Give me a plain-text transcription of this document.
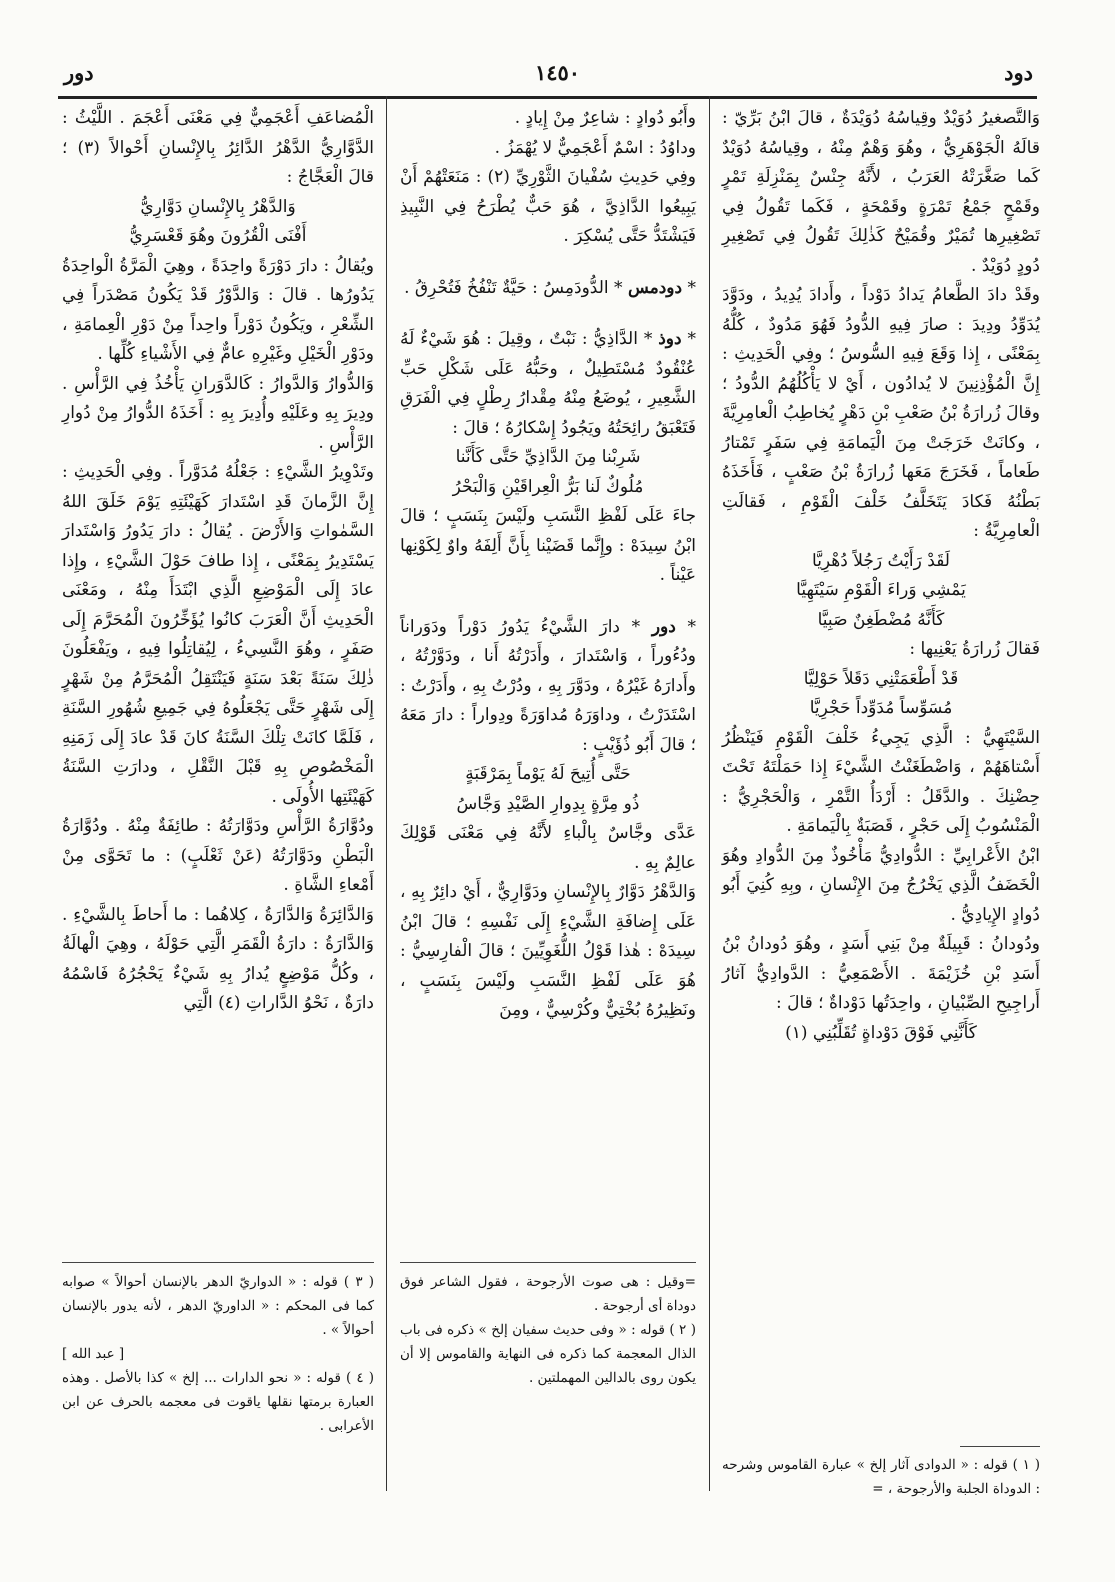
دود
١٤٥٠
دور

وَالتَّصغيرُ دُوَيْدٌ وقِياسُهُ دُوَيْدَةٌ ، قالَ ابْنُ بَرِّيّ : قالَهُ الْجَوْهَرِيُّ ، وهُوَ وَهْمٌ مِنْهُ ، وقِياسُهُ دُوَيْدٌ كَما صَغَّرَتْهُ العَرَبُ ، لأَنَّهُ جِنْسٌ بِمَنْزِلَةِ تَمْرٍ وقَمْحٍ جَمْعُ تَمْرَةٍ وقَمْحَةٍ ، فَكَما تَقُولُ فِي تَصْغِيرِها تُمَيْرٌ وقُمَيْحٌ كَذٰلِكَ تَقُولُ فِي تَصْغِيرِ دُودٍ دُوَيْدٌ .

وقَدْ دادَ الطَّعامُ يَدادُ دَوْداً ، وأَدادَ يُدِيدُ ، ودَوَّدَ يُدَوِّدُ ودِيدَ : صارَ فِيهِ الدُّودُ فَهُوَ مَدُودٌ ، كُلُّهُ بِمَعْنًى ، إِذا وَقَعَ فِيهِ السُّوسُ ؛ وفِي الْحَدِيثِ : إِنَّ الْمُؤْذِنِينَ لا يُدادُون ، أَيْ لا يَأْكُلُهُمُ الدُّودُ ؛ وقالَ زُرارَةُ بْنُ صَعْبِ بْنِ دَهْرٍ يُخاطِبُ الْعامِرِيَّةَ ، وكانَتْ خَرَجَتْ مِنَ الْيَمامَةِ فِي سَفَرٍ تَمْتارُ طَعاماً ، فَخَرَجَ مَعَها زُرارَةُ بْنُ صَعْبٍ ، فَأَخَذَهُ بَطْنُهُ فَكادَ يَتَخَلَّفُ خَلْفَ الْقَوْمِ ، فَقالَتِ الْعامِرِيَّةُ :

لَقَدْ رَأَيْتُ رَجُلاً دُهْرِيَّا

يَمْشِي وَراءَ الْقَوْمِ سَيْتَهِيَّا

كَأَنَّهُ مُضْطَغِنٌ صَبِيَّا

فَقالَ زُرارَةُ يَعْنِيها :

قَدْ أَطْعَمَتْنِي دَقَلاً حَوْلِيَّا

مُسَوِّساً مُدَوِّداً حَجْرِيَّا

السَّيْتَهِيُّ : الَّذِي يَجِيءُ خَلْفَ الْقَوْمِ فَيَنْظُرُ أَسْتاهَهُمْ ، وَاضْطَغَنْتُ الشَّيْءَ إِذا حَمَلْتَهُ تَحْتَ حِضْنِكَ . والدَّقَلُ : أَرْدَأُ التَّمْرِ ، وَالْحَجْرِيُّ : الْمَنْسُوبُ إِلَى حَجْرٍ ، قَصَبَةٌ بِالْيَمامَةِ .

ابْنُ الأَعْرابِيِّ : الدُّوادِيُّ مَأْخُوذٌ مِنَ الدُّوادِ وهُوَ الْخَضَفُ الَّذِي يَخْرُجُ مِنَ الإِنْسانِ ، وبِهِ كُنِيَ أَبُو دُوادٍ الإِيادِيُّ .

ودُودانُ : قَبِيلَةٌ مِنْ بَنِي أَسَدٍ ، وهُوَ دُودانُ بْنُ أَسَدِ بْنِ خُزَيْمَةَ . الأَصْمَعِيُّ : الدَّوادِيُّ آثارُ أَراجِيحِ الصِّبْيانِ ، واحِدَتُها دَوْداةٌ ؛ قالَ :

كَأَنَّنِي فَوْقَ دَوْداةٍ تُقَلِّبُنِي (١)

وأَبُو دُوادٍ : شاعِرٌ مِنْ إِيادٍ .

وداوُدُ : اسْمٌ أَعْجَمِيٌّ لا يُهْمَزُ .

وفِي حَدِيثِ سُفْيانَ الثَّوْرِيِّ (٢) : مَنَعَتْهُمْ أَنْ يَبِيعُوا الدَّاذِيَّ ، هُوَ حَبٌّ يُطْرَحُ فِي النَّبِيذِ فَيَشْتَدُّ حَتَّى يُسْكِرَ .

* دودمس * الدُّودَمِسُ : حَيَّةٌ تَنْفُخُ فَتُحْرِقُ .

* دوذ * الدَّاذِيُّ : نَبْتٌ ، وقِيلَ : هُوَ شَيْءٌ لَهُ عُنْقُودٌ مُسْتَطِيلٌ ، وحَبُّهُ عَلَى شَكْلِ حَبِّ الشَّعِيرِ ، يُوضَعُ مِنْهُ مِقْدارُ رِطْلٍ فِي الْفَرَقِ فَتَعْبَقُ رائِحَتُهُ ويَجُودُ إِسْكارُهُ ؛ قالَ :

شَرِبْنا مِنَ الدَّاذِيِّ حَتَّى كَأَنَّنا

مُلُوكٌ لَنا بَرُّ الْعِراقَيْنِ وَالْبَحْرُ

جاءَ عَلَى لَفْظِ النَّسَبِ ولَيْسَ بِنَسَبٍ ؛ قالَ ابْنُ سِيدَهْ : وإِنَّما قَضَيْنا بِأَنَّ أَلِفَهُ واوٌ لِكَوْنِها عَيْناً .

* دور * دارَ الشَّيْءُ يَدُورُ دَوْراً ودَوَراناً ودُءُوراً ، وَاسْتَدارَ ، وأَدَرْتُهُ أَنا ، ودَوَّرْتُهُ ، وأَدارَهُ غَيْرُهُ ، ودَوَّرَ بِهِ ، ودُرْتُ بِهِ ، وأَدَرْتُ : اسْتَدَرْتُ ، وداوَرَهُ مُداوَرَةً ودِواراً : دارَ مَعَهُ ؛ قالَ أَبُو ذُؤَيْبٍ :

حَتَّى أُتِيحَ لَهُ يَوْماً بِمَرْقَبَةٍ

ذُو مِرَّةٍ بِدِوارِ الصَّيْدِ وَجَّاسُ

عَدَّى وجَّاسٌ بِالْباءِ لأَنَّهُ فِي مَعْنَى قَوْلِكَ عالِمٌ بِهِ .

وَالدَّهْرُ دَوَّارٌ بِالإِنْسانِ ودَوَّارِيٌّ ، أَيْ دائِرٌ بِهِ ، عَلَى إِضافَةِ الشَّيْءِ إِلَى نَفْسِهِ ؛ قالَ ابْنُ سِيدَهْ : هٰذا قَوْلُ اللُّغَوِيِّينَ ؛ قالَ الْفارِسِيُّ : هُوَ عَلَى لَفْظِ النَّسَبِ ولَيْسَ بِنَسَبٍ ، ونَظِيرُهُ بُخْتِيٌّ وكُرْسِيٌّ ، ومِنَ

الْمُضاعَفِ أَعْجَمِيٌّ فِي مَعْنَى أَعْجَمَ . اللَّيْثُ : الدَّوَّارِيُّ الدَّهْرُ الدَّائِرُ بِالإِنْسانِ أَحْوالاً (٣) ؛ قالَ الْعَجَّاجُ :

وَالدَّهْرُ بِالإِنْسانِ دَوَّارِيُّ

أَفْنَى الْقُرُونَ وهُوَ قَعْسَرِيُّ

ويُقالُ : دارَ دَوْرَةً واحِدَةً ، وهِيَ الْمَرَّةُ الْواحِدَةُ يَدُورُها . قالَ : وَالدَّوْرُ قَدْ يَكُونُ مَصْدَراً فِي الشِّعْرِ ، ويَكُونُ دَوْراً واحِداً مِنْ دَوْرِ الْعِمامَةِ ، ودَوْرِ الْخَيْلِ وغَيْرِهِ عامٌّ فِي الأَشْياءِ كُلِّها .

وَالدُّوارُ وَالدَّوارُ : كَالدَّوَرانِ يَأْخُذُ فِي الرَّأْسِ . ودِيرَ بِهِ وعَلَيْهِ وأُدِيرَ بِهِ : أَخَذَهُ الدُّوارُ مِنْ دُوارِ الرَّأْسِ .

وتَدْوِيرُ الشَّيْءِ : جَعْلُهُ مُدَوَّراً . وفِي الْحَدِيثِ : إِنَّ الزَّمانَ قَدِ اسْتَدارَ كَهَيْئَتِهِ يَوْمَ خَلَقَ اللهُ السَّمٰواتِ وَالأَرْضَ . يُقالُ : دارَ يَدُورُ وَاسْتَدارَ يَسْتَدِيرُ بِمَعْنًى ، إِذا طافَ حَوْلَ الشَّيْءِ ، وإِذا عادَ إِلَى الْمَوْضِعِ الَّذِي ابْتَدَأَ مِنْهُ ، ومَعْنَى الْحَدِيثِ أَنَّ الْعَرَبَ كانُوا يُؤَخِّرُونَ الْمُحَرَّمَ إِلَى صَفَرٍ ، وهُوَ النَّسِيءُ ، لِيُقاتِلُوا فِيهِ ، ويَفْعَلُونَ ذٰلِكَ سَنَةً بَعْدَ سَنَةٍ فَيَنْتَقِلُ الْمُحَرَّمُ مِنْ شَهْرٍ إِلَى شَهْرٍ حَتَّى يَجْعَلُوهُ فِي جَمِيعِ شُهُورِ السَّنَةِ ، فَلَمَّا كانَتْ تِلْكَ السَّنَةُ كانَ قَدْ عادَ إِلَى زَمَنِهِ الْمَخْصُوصِ بِهِ قَبْلَ النَّقْلِ ، ودارَتِ السَّنَةُ كَهَيْئَتِها الأُولَى .

ودُوَّارَةُ الرَّأْسِ ودَوَّارَتُهُ : طائِفَةٌ مِنْهُ . ودُوَّارَةُ الْبَطْنِ ودَوَّارَتُهُ (عَنْ ثَعْلَبٍ) : ما تَحَوَّى مِنْ أَمْعاءِ الشَّاةِ .

وَالدَّائِرَةُ وَالدَّارَةُ ، كِلاهُما : ما أَحاطَ بِالشَّيْءِ . وَالدَّارَةُ : دارَةُ الْقَمَرِ الَّتِي حَوْلَهُ ، وهِيَ الْهالَةُ ، وكُلُّ مَوْضِعٍ يُدارُ بِهِ شَيْءٌ يَحْجُرُهُ فَاسْمُهُ دارَةٌ ، نَحْوُ الدَّاراتِ (٤) الَّتِي

( ١ ) قوله : « الدوادى آثار إلخ » عبارة القاموس وشرحه : الدوداة الجلبة والأرجوحة ، =

=وقيل : هى صوت الأرجوحة ، فقول الشاعر فوق دوداة أى أرجوحة .

( ٢ ) قوله : « وفى حديث سفيان إلخ » ذكره فى باب الذال المعجمة كما ذكره فى النهاية والقاموس إلا أن يكون روى بالدالين المهملتين .

( ٣ ) قوله : « الدواريّ الدهر بالإنسان أحوالاً » صوابه كما فى المحكم : « الداوريّ الدهر ، لأنه يدور بالإنسان أحوالاً » .

[ عبد الله ]

( ٤ ) قوله : « نحو الدارات ... إلخ » كذا بالأصل . وهذه العبارة برمتها نقلها ياقوت فى معجمه بالحرف عن ابن الأعرابى .
